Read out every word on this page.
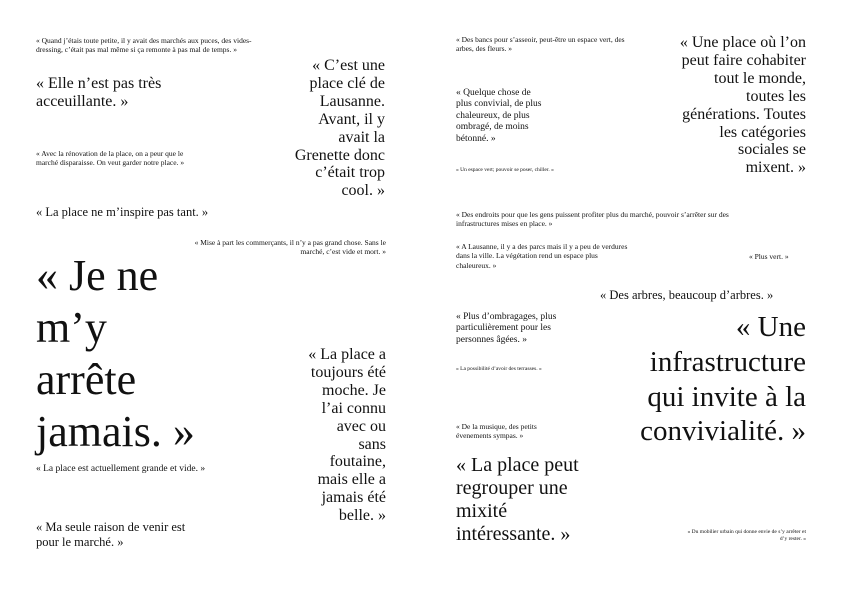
« Quand j’étais toute petite, il y avait des marchés aux puces, des vides-
dressing, c’était pas mal même si ça remonte à pas mal de temps. »

« Elle n’est pas très
acceuillante. »

« C’est une
place clé de
Lausanne.
Avant, il y
avait la
Grenette donc
c’était trop
cool. »

« Avec la rénovation de la place, on a peur que le
marché disparaisse. On veut garder notre place. »

« La place ne m’inspire pas tant. »

« Mise à part les commerçants, il n’y a pas grand chose. Sans le
marché, c’est vide et mort. »

« Je ne
m’y
arrête
jamais. »

« La place a
toujours été
moche. Je
l’ai connu
avec ou
sans
foutaine,
mais elle a
jamais été
belle. »

« La place est actuellement grande et vide. »

« Ma seule raison de venir est
pour le marché. »

« Des bancs pour s’asseoir, peut-être un espace vert, des
arbes, des fleurs. »	« Une place où l’on
peut faire cohabiter
tout le monde,
toutes les
générations. Toutes
les catégories
sociales se
mixent. »

« Quelque chose de
plus convivial, de plus
chaleureux, de plus
ombragé, de moins
bétonné. »

« Un espace vert; pouvoir se poser, chiller. »

« Des endroits pour que les gens puissent profiter plus du marché, pouvoir s’arrêter sur des
infrastructures mises en place. »

« A Lausanne, il y a des parcs mais il y a peu de verdures
dans la ville. La végétation rend un espace plus
chaleureux. »

« Plus vert. »

« Des arbres, beaucoup d’arbres. »

« Plus d’ombragages, plus
particulièrement pour les
personnes âgées. »	« Une
infrastructure
qui invite à la
convivialité. »

« La possibilité d’avoir des terrasses. »

« De la musique, des petits
évenements sympas. »

« La place peut
regrouper une
mixité
intéressante. »	« Du mobilier urbain qui donne envie de s’y arrêter et
d’y rester. »
